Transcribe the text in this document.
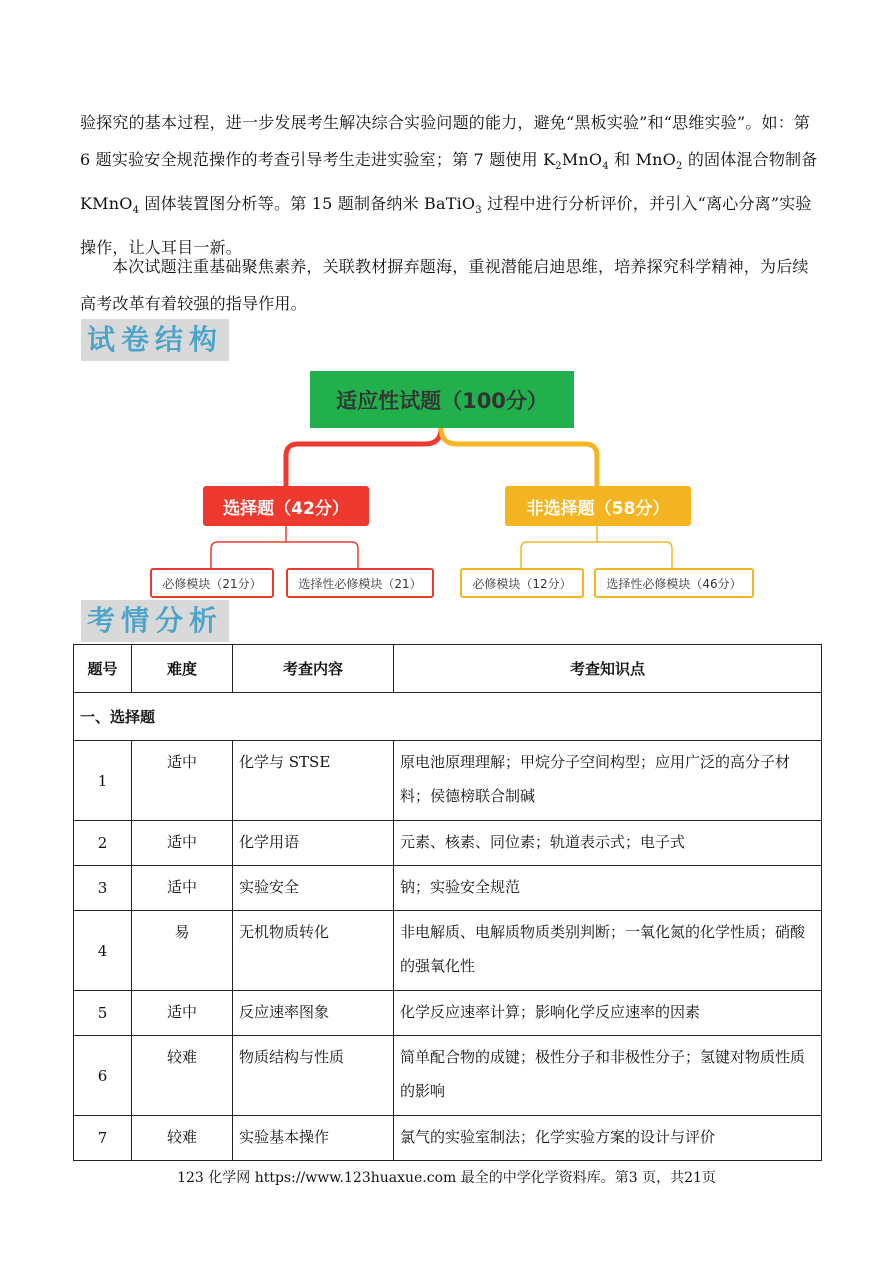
验探究的基本过程，进一步发展考生解决综合实验问题的能力，避免“黑板实验”和“思维实验”。如：第 6 题实验安全规范操作的考查引导考生走进实验室；第 7 题使用 $K_2MnO_4$ 和 MnO$_2$ 的固体混合物制备 KMnO$_4$ 固体装置图分析等。第 15 题制备纳米 BaTiO$_3$ 过程中进行分析评价，并引入“离心分离”实验操作，让人耳目一新。
本次试题注重基础聚焦素养，关联教材摒弃题海，重视潜能启迪思维，培养探究科学精神，为后续高考改革有着较强的指导作用。
试卷结构
适应性试题（100分）
选择题（42分）	非选择题（58分）
必修模块（21分）	选择性必修模块（21）	必修模块（12分）	选择性必修模块（46分）
考情分析
题号	难度	考查内容	考查知识点
一、选择题			
1	适中	化学与 STSE	原电池原理理解；甲烷分子空间构型；应用广泛的高分子材料；侯德榜联合制碱
2	适中	化学用语	元素、核素、同位素；轨道表示式；电子式
3	适中	实验安全	钠；实验安全规范
4	易	无机物质转化	非电解质、电解质物质类别判断；一氧化氮的化学性质；硝酸的强氧化性
5	适中	反应速率图象	化学反应速率计算；影响化学反应速率的因素
6	较难	物质结构与性质	简单配合物的成键；极性分子和非极性分子；氢键对物质性质的影响
7	较难	实验基本操作	氯气的实验室制法；化学实验方案的设计与评价
123 化学网 https://www.123huaxue.com 最全的中学化学资料库。第3 页，共21页
